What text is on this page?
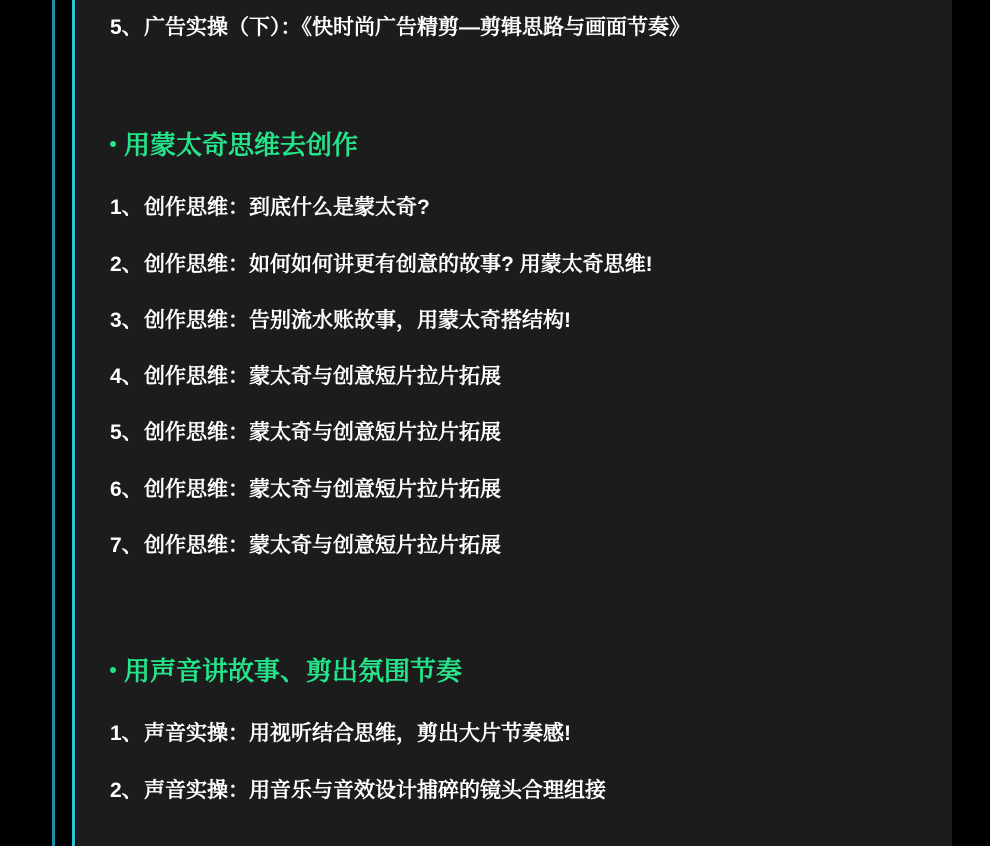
5、广告实操（下）：《快时尚广告精剪—剪辑思路与画面节奏》
用蒙太奇思维去创作
1、创作思维：到底什么是蒙太奇?
2、创作思维：如何如何讲更有创意的故事? 用蒙太奇思维!
3、创作思维：告别流水账故事，用蒙太奇搭结构!
4、创作思维：蒙太奇与创意短片拉片拓展
5、创作思维：蒙太奇与创意短片拉片拓展
6、创作思维：蒙太奇与创意短片拉片拓展
7、创作思维：蒙太奇与创意短片拉片拓展
用声音讲故事、剪出氛围节奏
1、声音实操：用视听结合思维，剪出大片节奏感!
2、声音实操：用音乐与音效设计捕碎的镜头合理组接
